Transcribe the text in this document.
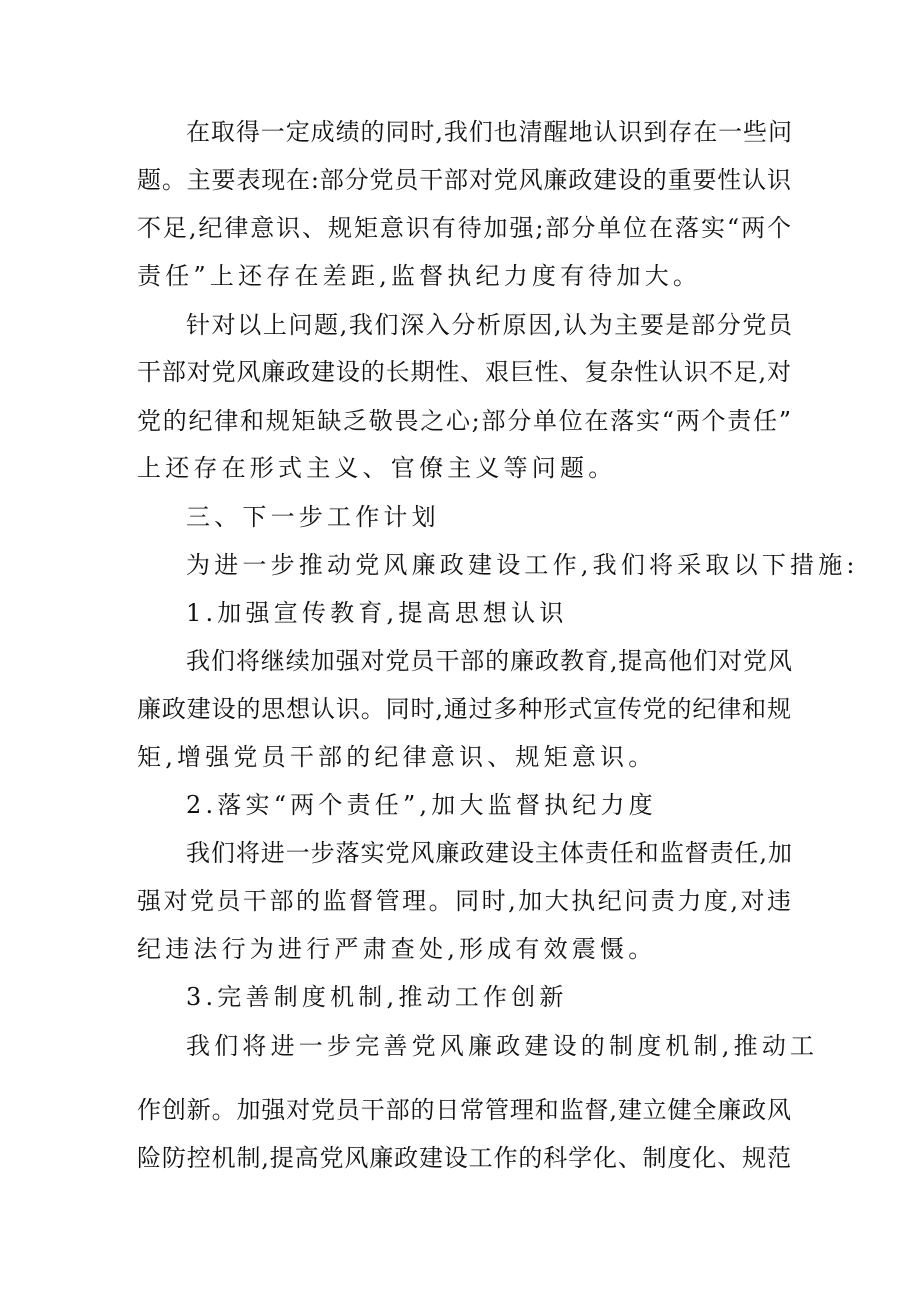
在取得一定成绩的同时,我们也清醒地认识到存在一些问
题。主要表现在:部分党员干部对党风廉政建设的重要性认识
不足,纪律意识、规矩意识有待加强;部分单位在落实“两个
责任”上还存在差距,监督执纪力度有待加大。
针对以上问题,我们深入分析原因,认为主要是部分党员
干部对党风廉政建设的长期性、艰巨性、复杂性认识不足,对
党的纪律和规矩缺乏敬畏之心;部分单位在落实“两个责任”
上还存在形式主义、官僚主义等问题。
三、下一步工作计划
为进一步推动党风廉政建设工作,我们将采取以下措施:
1.加强宣传教育,提高思想认识
我们将继续加强对党员干部的廉政教育,提高他们对党风
廉政建设的思想认识。同时,通过多种形式宣传党的纪律和规
矩,增强党员干部的纪律意识、规矩意识。
2.落实“两个责任”,加大监督执纪力度
我们将进一步落实党风廉政建设主体责任和监督责任,加
强对党员干部的监督管理。同时,加大执纪问责力度,对违
纪违法行为进行严肃查处,形成有效震慑。
3.完善制度机制,推动工作创新
我们将进一步完善党风廉政建设的制度机制,推动工
作创新。加强对党员干部的日常管理和监督,建立健全廉政风
险防控机制,提高党风廉政建设工作的科学化、制度化、规范
